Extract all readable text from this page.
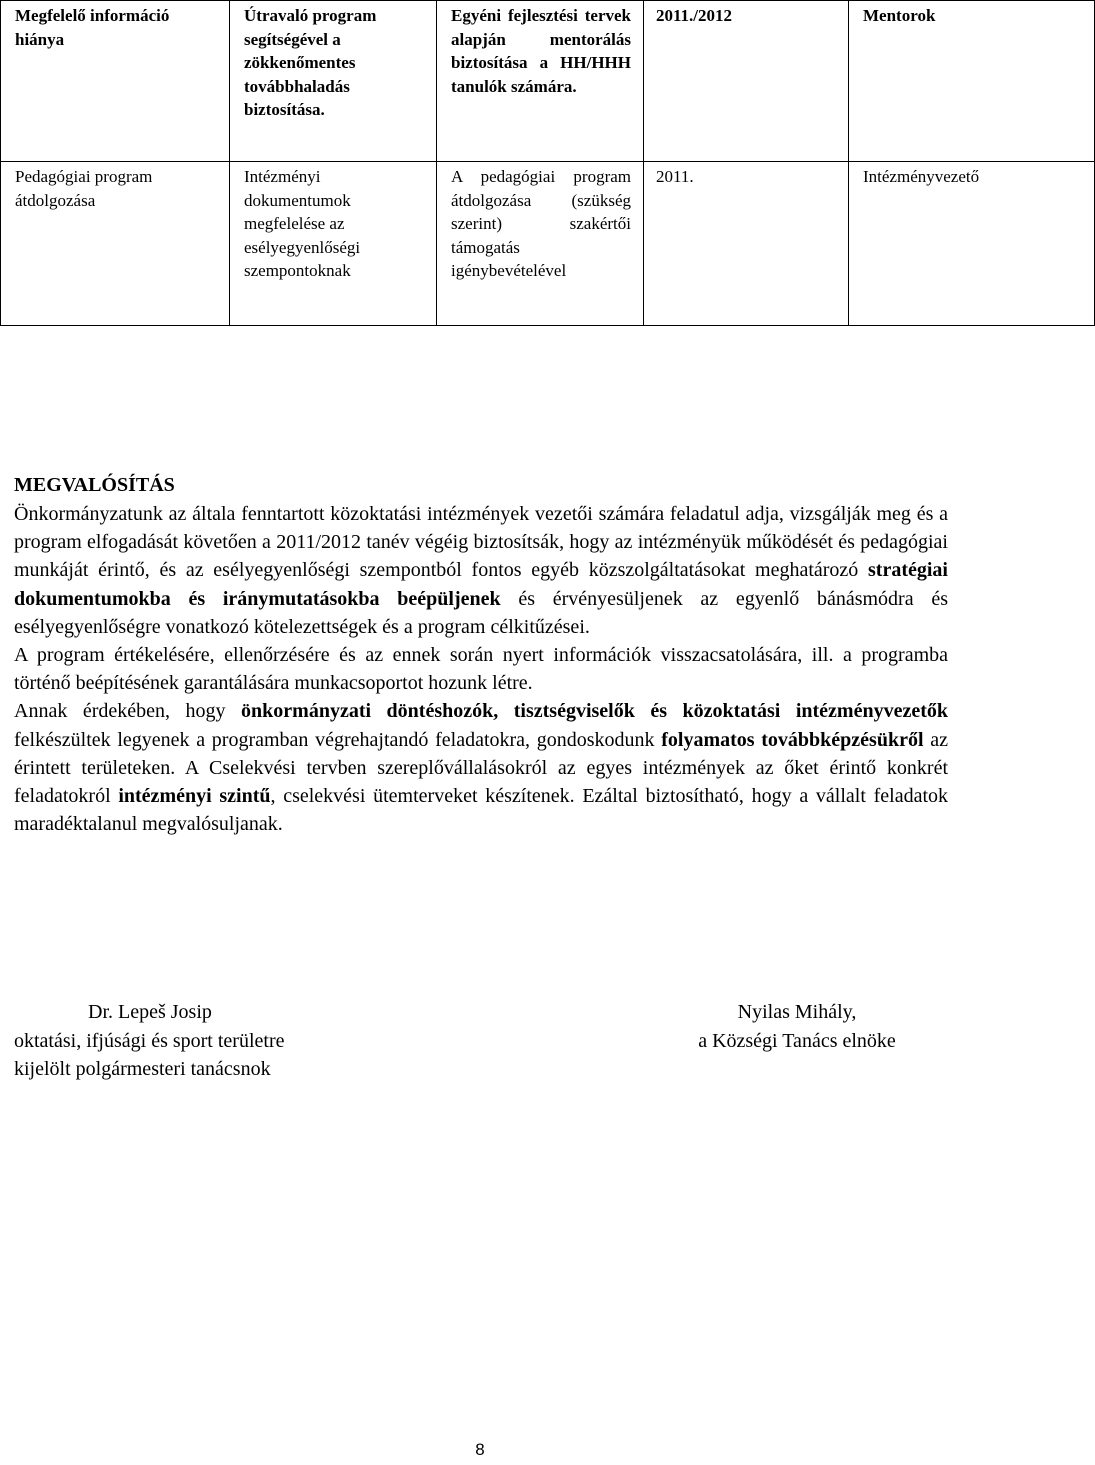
Megfelelő információ hiánya	Útravaló program segítségével a zökkenőmentes továbbhaladás biztosítása.	Egyéni fejlesztési tervek alapján mentorálás biztosítása a HH/HHH tanulók számára.	2011./2012	Mentorok
Pedagógiai program átdolgozása	Intézményi dokumentumok megfelelése az esélyegyenlőségi szempontoknak	A pedagógiai program átdolgozása (szükség szerint) szakértői támogatás igénybevételével	2011.	Intézményvezető
MEGVALÓSÍTÁS

Önkormányzatunk az általa fenntartott közoktatási intézmények vezetői számára feladatul adja, vizsgálják meg és a program elfogadását követően a 2011/2012 tanév végéig biztosítsák, hogy az intézményük működését és pedagógiai munkáját érintő, és az esélyegyenlőségi szempontból fontos egyéb közszolgáltatásokat meghatározó stratégiai dokumentumokba és iránymutatásokba beépüljenek és érvényesüljenek az egyenlő bánásmódra és esélyegyenlőségre vonatkozó kötelezettségek és a program célkitűzései.

A program értékelésére, ellenőrzésére és az ennek során nyert információk visszacsatolására, ill. a programba történő beépítésének garantálására munkacsoportot hozunk létre.

Annak érdekében, hogy önkormányzati döntéshozók, tisztségviselők és közoktatási intézményvezetők felkészültek legyenek a programban végrehajtandó feladatokra, gondoskodunk folyamatos továbbképzésükről az érintett területeken. A Cselekvési tervben szereplővállalásokról az egyes intézmények az őket érintő konkrét feladatokról intézményi szintű, cselekvési ütemterveket készítenek. Ezáltal biztosítható, hogy a vállalt feladatok maradéktalanul megvalósuljanak.

Dr. Lepeš Josip
oktatási, ifjúsági és sport területre
kijelölt polgármesteri tanácsnok
Nyilas Mihály,
a Községi Tanács elnöke
8
